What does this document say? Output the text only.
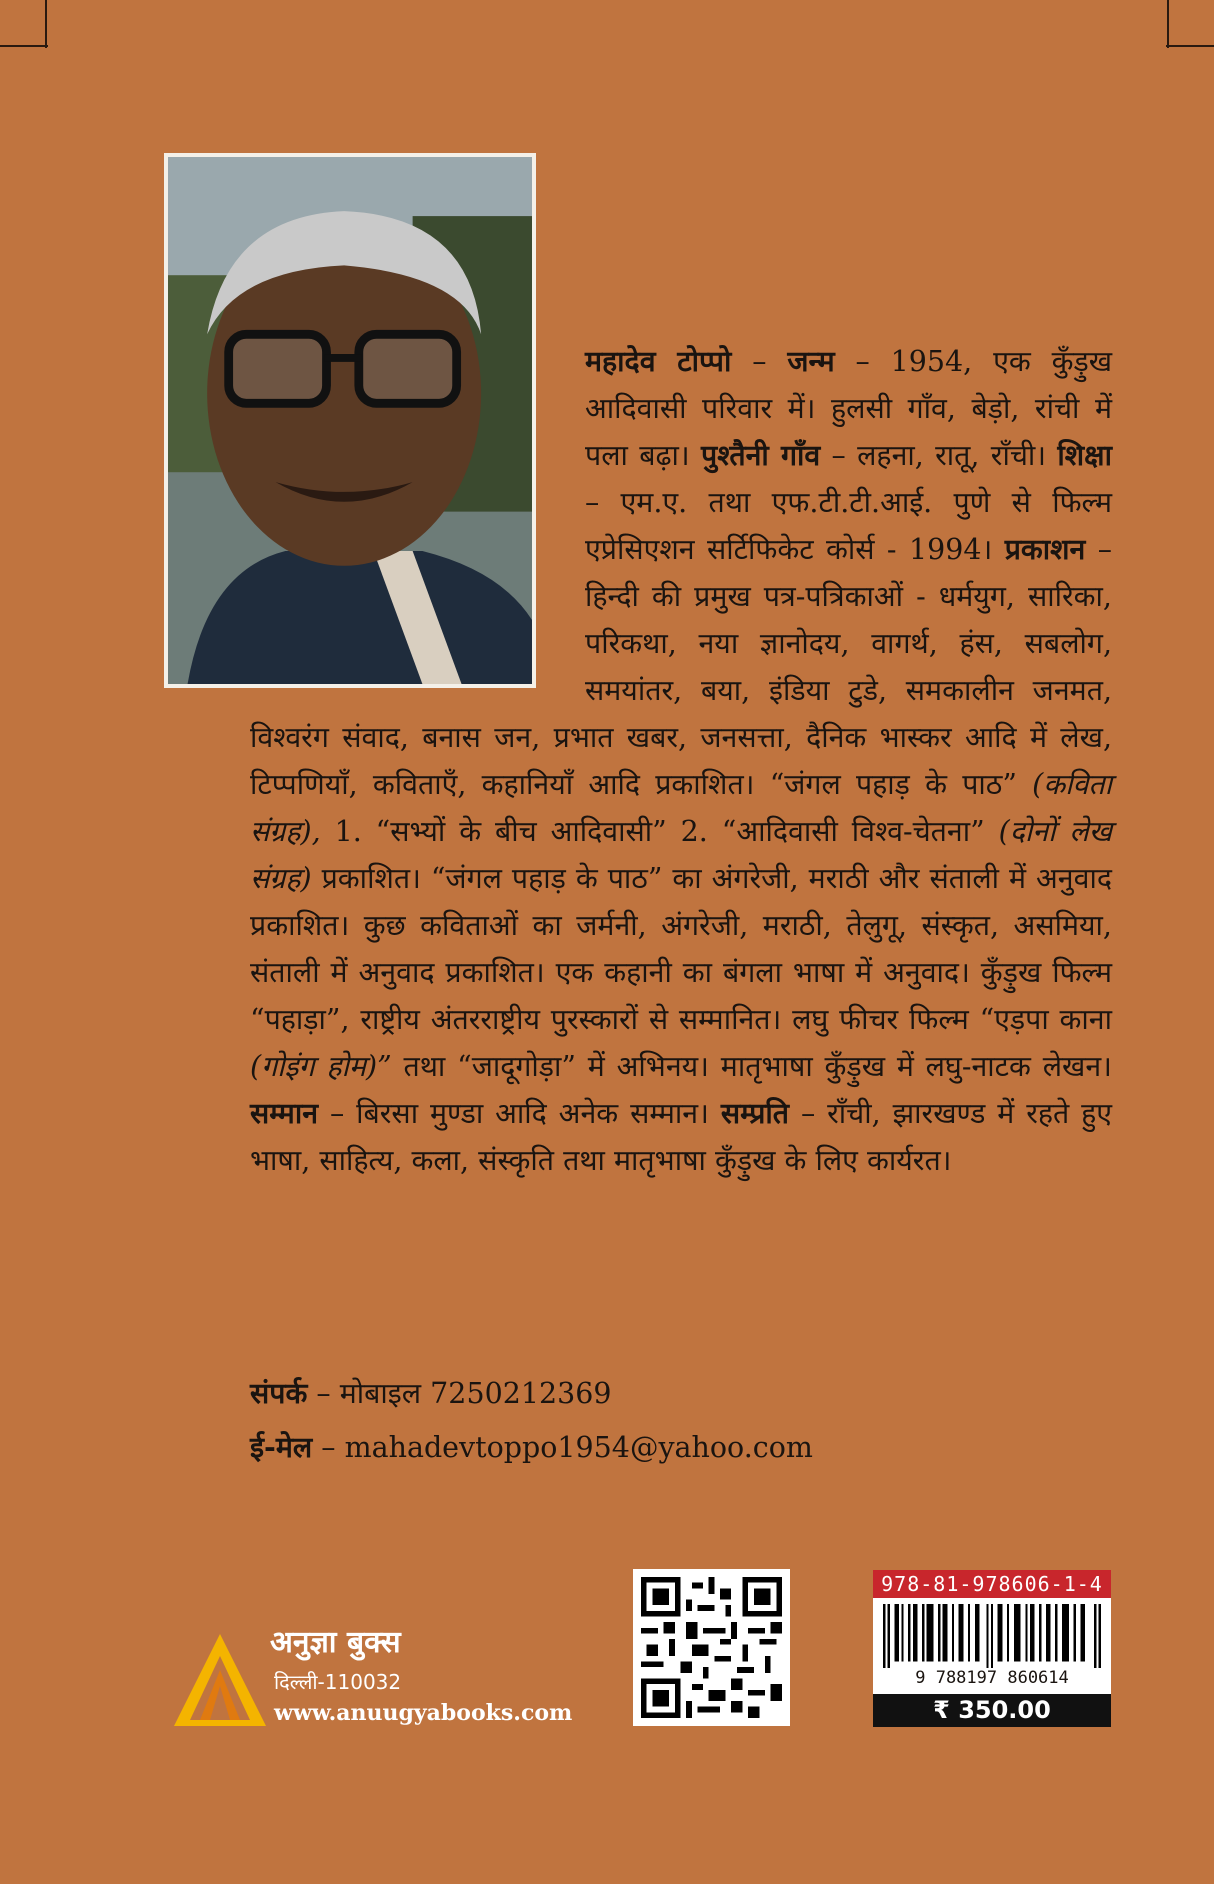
महादेव टोप्पो – जन्म – 1954, एक कुँड़ुख आदिवासी परिवार में। हुलसी गाँव, बेड़ो, रांची में पला बढ़ा। पुश्तैनी गाँव – लहना, रातू, राँची। शिक्षा – एम.ए. तथा एफ.टी.टी.आई. पुणे से फिल्म एप्रेसिएशन सर्टिफिकेट कोर्स - 1994। प्रकाशन – हिन्दी की प्रमुख पत्र-पत्रिकाओं - धर्मयुग, सारिका, परिकथा, नया ज्ञानोदय, वागर्थ, हंस, सबलोग, समयांतर, बया, इंडिया टुडे, समकालीन जनमत, विश्वरंग संवाद, बनास जन, प्रभात खबर, जनसत्ता, दैनिक भास्कर आदि में लेख, टिप्पणियाँ, कविताएँ, कहानियाँ आदि प्रकाशित। “जंगल पहाड़ के पाठ” (कविता संग्रह), 1. “सभ्यों के बीच आदिवासी” 2. “आदिवासी विश्व-चेतना” (दोनों लेख संग्रह) प्रकाशित। “जंगल पहाड़ के पाठ” का अंगरेजी, मराठी और संताली में अनुवाद प्रकाशित। कुछ कविताओं का जर्मनी, अंगरेजी, मराठी, तेलुगू, संस्कृत, असमिया, संताली में अनुवाद प्रकाशित। एक कहानी का बंगला भाषा में अनुवाद। कुँड़ुख फिल्म “पहाड़ा”, राष्ट्रीय अंतरराष्ट्रीय पुरस्कारों से सम्मानित। लघु फीचर फिल्म “एड़पा काना (गोइंग होम)” तथा “जादूगोड़ा” में अभिनय। मातृभाषा कुँड़ुख में लघु-नाटक लेखन। सम्मान – बिरसा मुण्डा आदि अनेक सम्मान। सम्प्रति – राँची, झारखण्ड में रहते हुए भाषा, साहित्य, कला, संस्कृति तथा मातृभाषा कुँड़ुख के लिए कार्यरत।
संपर्क – मोबाइल 7250212369
ई-मेल – mahadevtoppo1954@yahoo.com
अनुज्ञा बुक्स
दिल्ली-110032
www.anuugyabooks.com
978-81-978606-1-4
9 788197 860614
₹ 350.00
